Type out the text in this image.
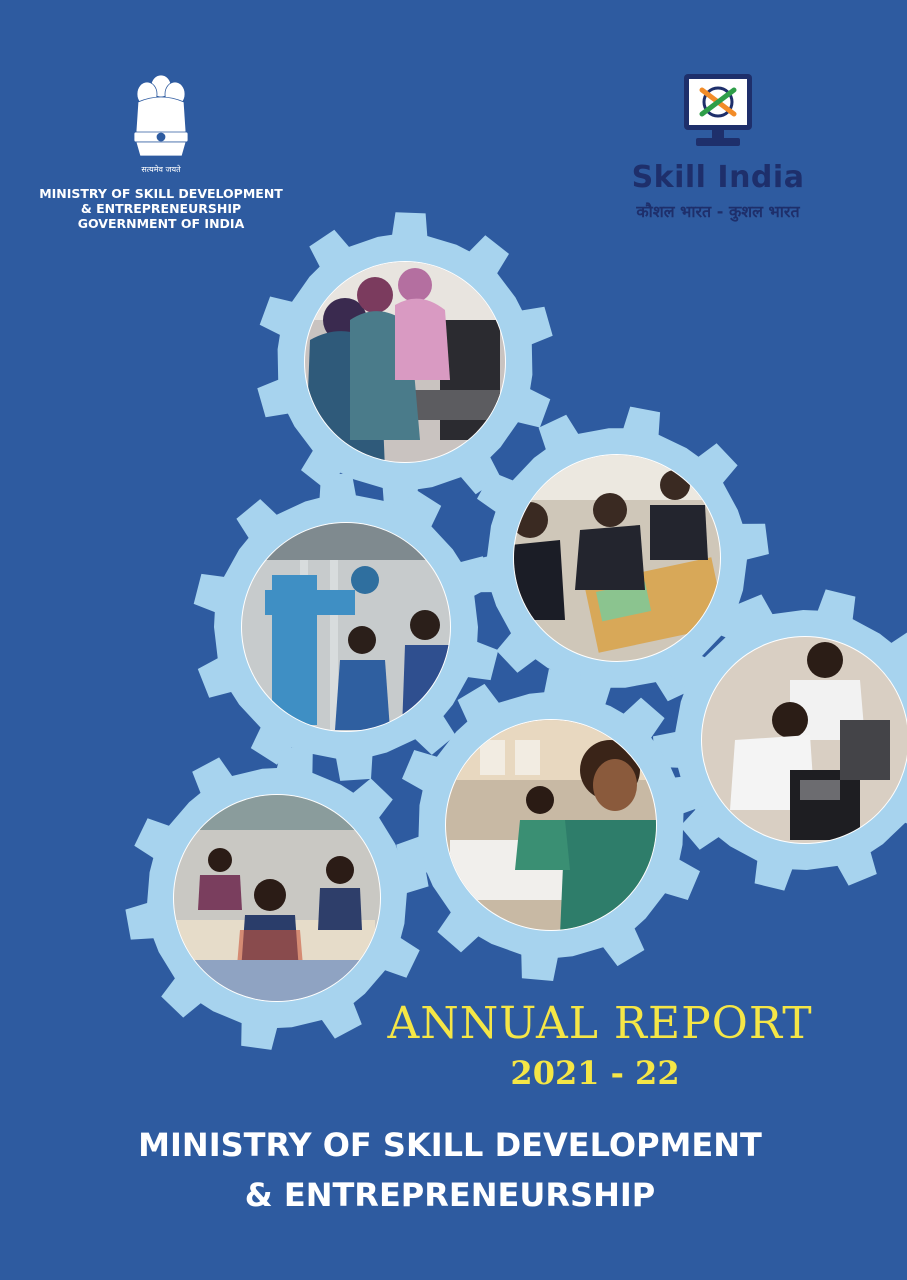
सत्यमेव जयते
MINISTRY OF SKILL DEVELOPMENT
& ENTREPRENEURSHIP
GOVERNMENT OF INDIA
Skill India
कौशल भारत - कुशल भारत
ANNUAL REPORT
2021 - 22
MINISTRY OF SKILL DEVELOPMENT
& ENTREPRENEURSHIP
